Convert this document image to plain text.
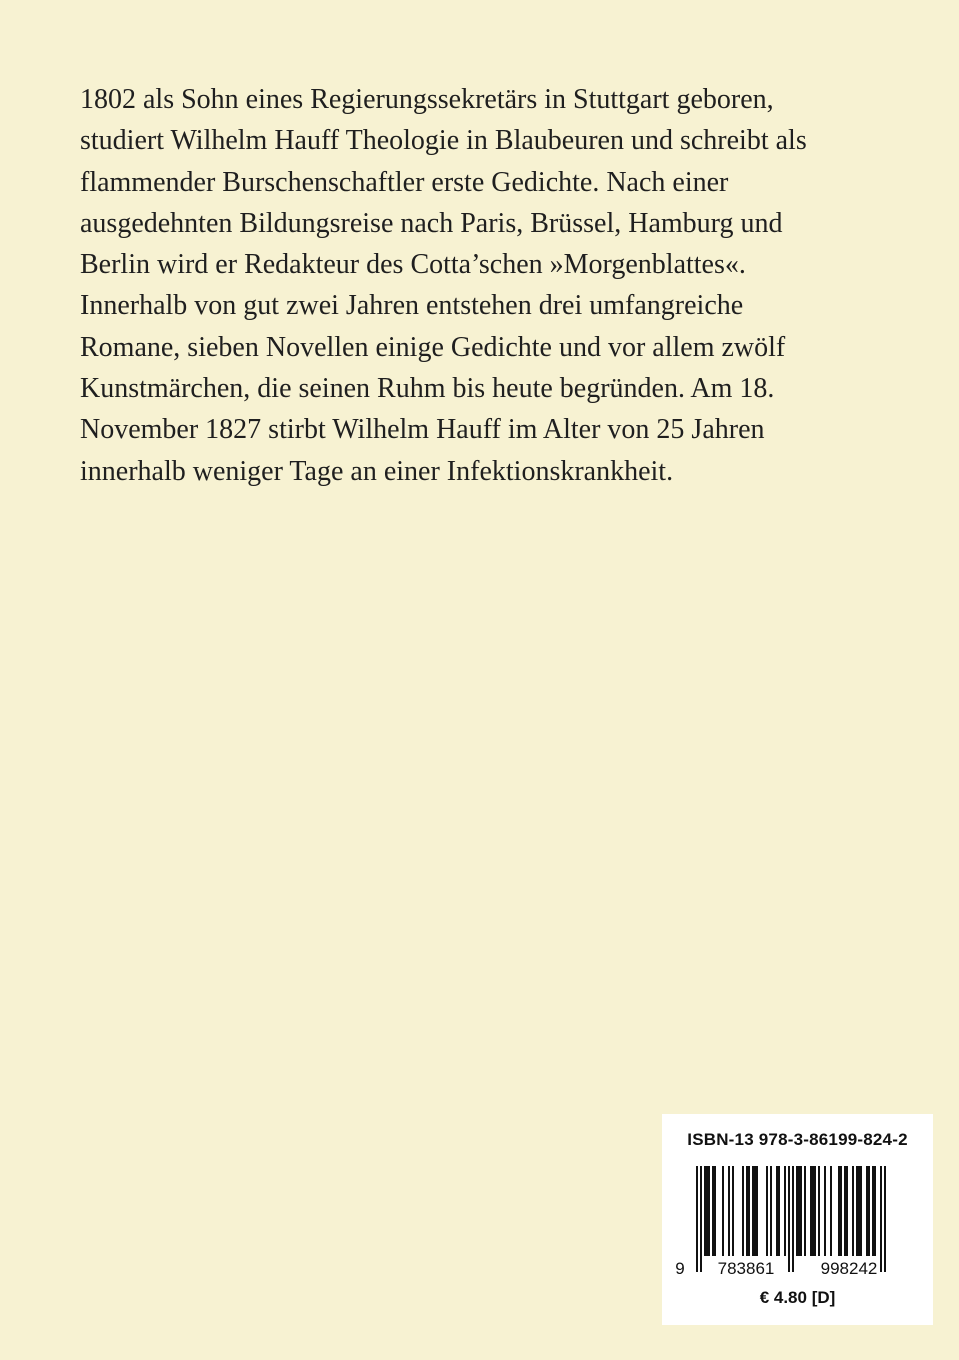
1802 als Sohn eines Regierungssekretärs in Stuttgart geboren,
studiert Wilhelm Hauff Theologie in Blaubeuren und schreibt als
flammender Burschenschaftler erste Gedichte. Nach einer
ausgedehnten Bildungsreise nach Paris, Brüssel, Hamburg und
Berlin wird er Redakteur des Cotta’schen »Morgenblattes«.
Innerhalb von gut zwei Jahren entstehen drei umfangreiche
Romane, sieben Novellen einige Gedichte und vor allem zwölf
Kunstmärchen, die seinen Ruhm bis heute begründen. Am 18.
November 1827 stirbt Wilhelm Hauff im Alter von 25 Jahren
innerhalb weniger Tage an einer Infektionskrankheit.
ISBN-13 978-3-86199-824-2
9 783861	998242
€ 4.80 [D]
